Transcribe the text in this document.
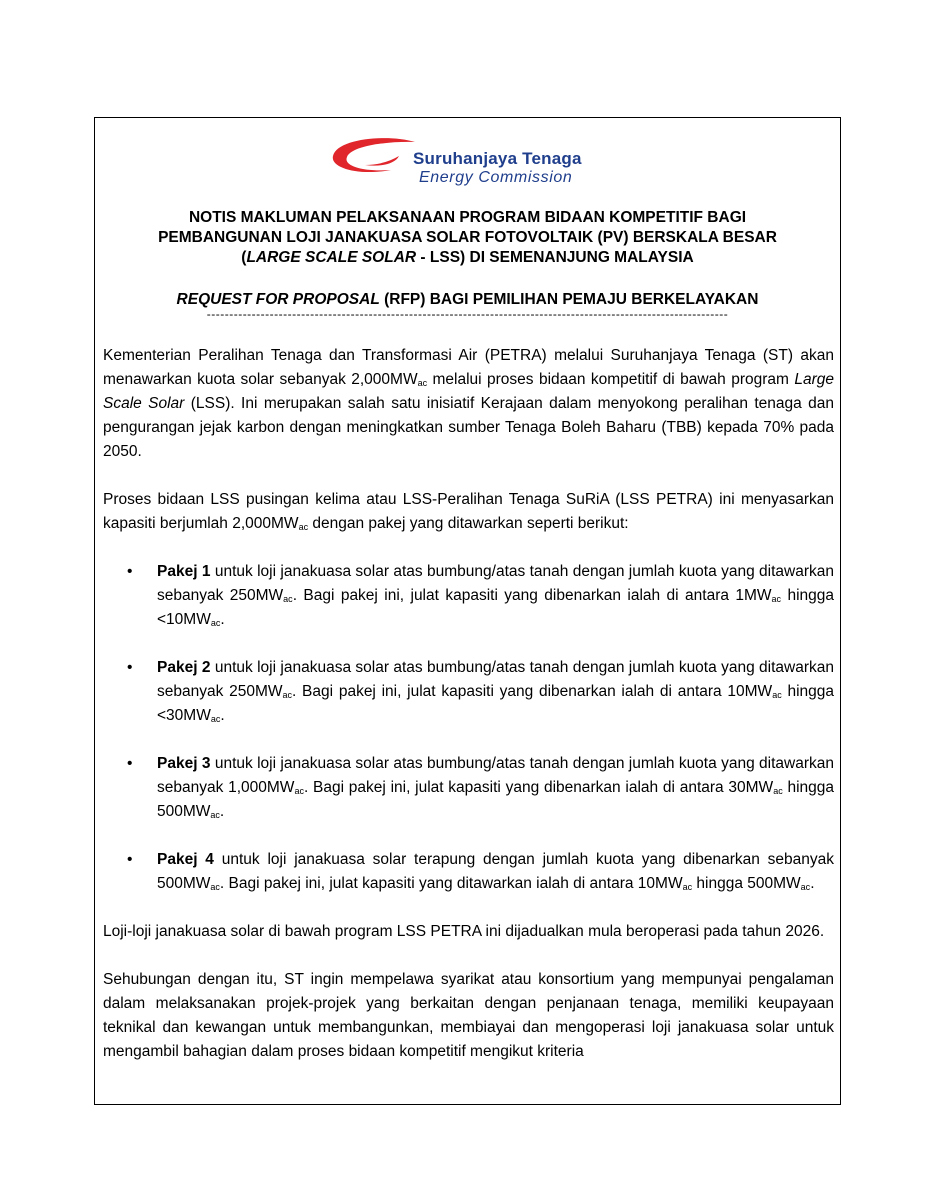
Suruhanjaya Tenaga
Energy Commission
NOTIS MAKLUMAN PELAKSANAAN PROGRAM BIDAAN KOMPETITIF BAGI
PEMBANGUNAN LOJI JANAKUASA SOLAR FOTOVOLTAIK (PV) BERSKALA BESAR
(LARGE SCALE SOLAR - LSS) DI SEMENANJUNG MALAYSIA
REQUEST FOR PROPOSAL (RFP) BAGI PEMILIHAN PEMAJU BERKELAYAKAN
--------------------------------------------------------------------------------------------------------------------

Kementerian Peralihan Tenaga dan Transformasi Air (PETRA) melalui Suruhanjaya Tenaga (ST) akan menawarkan kuota solar sebanyak $2,000MW_{ac}$ melalui proses bidaan kompetitif di bawah program Large Scale Solar (LSS). Ini merupakan salah satu inisiatif Kerajaan dalam menyokong peralihan tenaga dan pengurangan jejak karbon dengan meningkatkan sumber Tenaga Boleh Baharu (TBB) kepada 70% pada 2050.

Proses bidaan LSS pusingan kelima atau LSS-Peralihan Tenaga SuRiA (LSS PETRA) ini menyasarkan kapasiti berjumlah $2,000MW_{ac}$ dengan pakej yang ditawarkan seperti berikut:

• Pakej 1 untuk loji janakuasa solar atas bumbung/atas tanah dengan jumlah kuota yang ditawarkan sebanyak $250MW_{ac}$. Bagi pakej ini, julat kapasiti yang dibenarkan ialah di antara $1MW_{ac}$ hingga $<10MW_{ac}$.
• Pakej 2 untuk loji janakuasa solar atas bumbung/atas tanah dengan jumlah kuota yang ditawarkan sebanyak $250MW_{ac}$. Bagi pakej ini, julat kapasiti yang dibenarkan ialah di antara $10MW_{ac}$ hingga $<30MW_{ac}$.
• Pakej 3 untuk loji janakuasa solar atas bumbung/atas tanah dengan jumlah kuota yang ditawarkan sebanyak $1,000MW_{ac}$. Bagi pakej ini, julat kapasiti yang dibenarkan ialah di antara $30MW_{ac}$ hingga $500MW_{ac}$.
• Pakej 4 untuk loji janakuasa solar terapung dengan jumlah kuota yang dibenarkan sebanyak $500MW_{ac}$. Bagi pakej ini, julat kapasiti yang ditawarkan ialah di antara $10MW_{ac}$ hingga $500MW_{ac}$.

Loji-loji janakuasa solar di bawah program LSS PETRA ini dijadualkan mula beroperasi pada tahun 2026.

Sehubungan dengan itu, ST ingin mempelawa syarikat atau konsortium yang mempunyai pengalaman dalam melaksanakan projek-projek yang berkaitan dengan penjanaan tenaga, memiliki keupayaan teknikal dan kewangan untuk membangunkan, membiayai dan mengoperasi loji janakuasa solar untuk mengambil bahagian dalam proses bidaan kompetitif mengikut kriteria
